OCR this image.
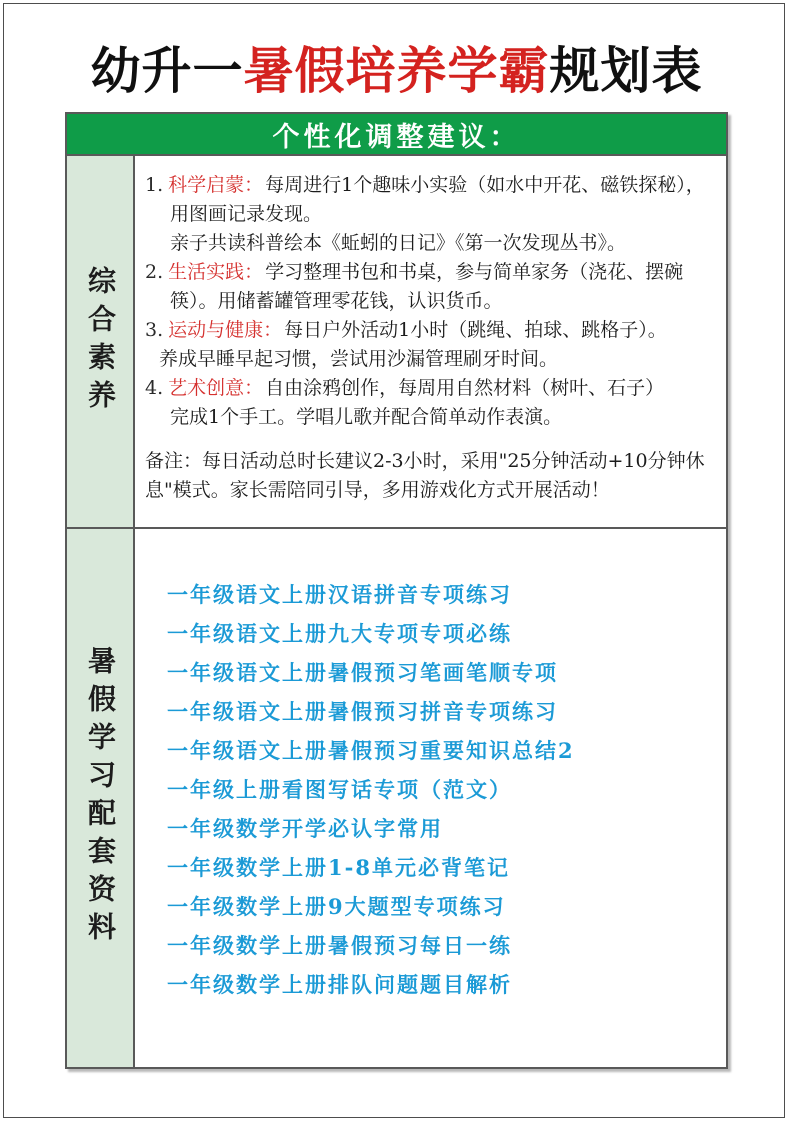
幼升一暑假培养学霸规划表
个性化调整建议：
综合素养
1. 科学启蒙： 每周进行1个趣味小实验（如水中开花、磁铁探秘），
用图画记录发现。
亲子共读科普绘本《蚯蚓的日记》《第一次发现丛书》。
2. 生活实践： 学习整理书包和书桌，参与简单家务（浇花、摆碗
筷）。用储蓄罐管理零花钱，认识货币。
3. 运动与健康： 每日户外活动1小时（跳绳、拍球、跳格子）。
养成早睡早起习惯，尝试用沙漏管理刷牙时间。
4. 艺术创意： 自由涂鸦创作，每周用自然材料（树叶、石子）
完成1个手工。学唱儿歌并配合简单动作表演。
备注：每日活动总时长建议2-3小时，采用"25分钟活动+10分钟休
息"模式。家长需陪同引导，多用游戏化方式开展活动！
暑假学习配套资料
一年级语文上册汉语拼音专项练习
一年级语文上册九大专项专项必练
一年级语文上册暑假预习笔画笔顺专项
一年级语文上册暑假预习拼音专项练习
一年级语文上册暑假预习重要知识总结2
一年级上册看图写话专项（范文）
一年级数学开学必认字常用
一年级数学上册1-8单元必背笔记
一年级数学上册9大题型专项练习
一年级数学上册暑假预习每日一练
一年级数学上册排队问题题目解析
